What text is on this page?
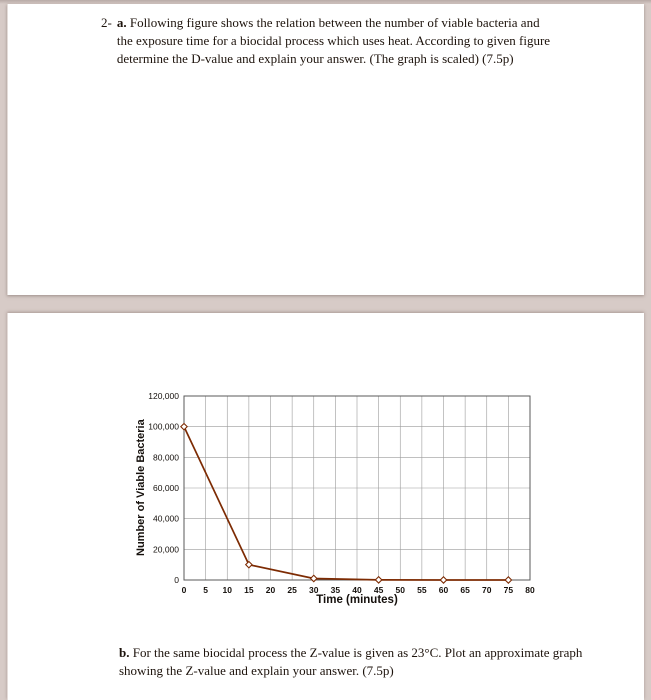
2- a. Following figure shows the relation between the number of viable bacteria and the exposure time for a biocidal process which uses heat. According to given figure determine the D-value and explain your answer. (The graph is scaled) (7.5p)
Number of Viable Bacteria
0 5 10 15 20 25 30 35 40 45 50 55 60 65 70 75 80
0
20,000
40,000
60,000
80,000
100,000
120,000
Time (minutes)
b. For the same biocidal process the Z-value is given as 23°C. Plot an approximate graph showing the Z-value and explain your answer. (7.5p)
